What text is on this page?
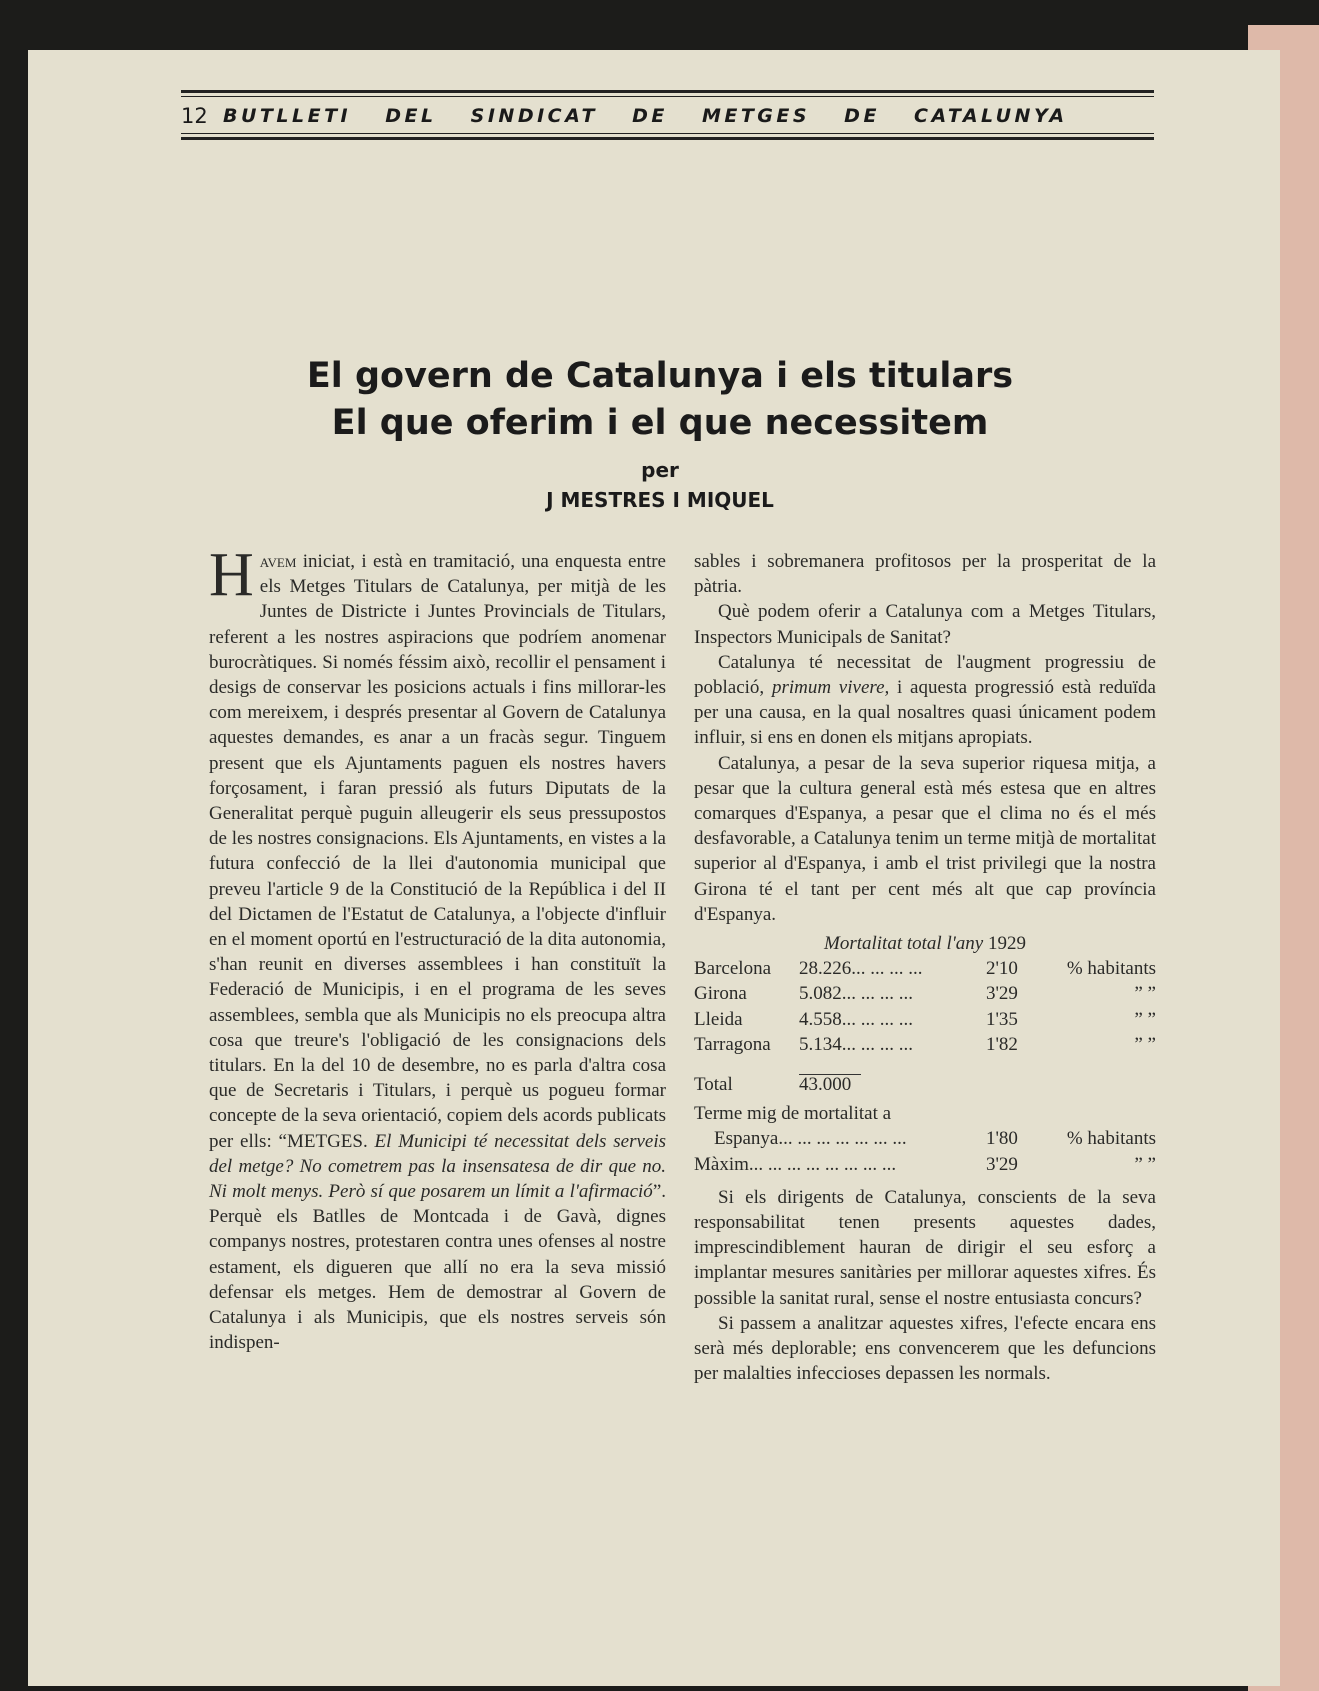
12 BUTLLETI DEL SINDICAT DE METGES DE CATALUNYA
El govern de Catalunya i els titulars
El que oferim i el que necessitem
per
J MESTRES I MIQUEL

Havem iniciat, i està en tramitació, una enquesta entre els Metges Titulars de Catalunya, per mitjà de les Juntes de Districte i Juntes Provincials de Titulars, referent a les nostres aspiracions que podríem anomenar burocràtiques. Si només féssim això, recollir el pensament i desigs de conservar les posicions actuals i fins millorar-les com mereixem, i després presentar al Govern de Catalunya aquestes demandes, es anar a un fracàs segur. Tinguem present que els Ajuntaments paguen els nostres havers forçosament, i faran pressió als futurs Diputats de la Generalitat perquè puguin alleugerir els seus pressupostos de les nostres consignacions. Els Ajuntaments, en vistes a la futura confecció de la llei d'autonomia municipal que preveu l'article 9 de la Constitució de la República i del II del Dictamen de l'Estatut de Catalunya, a l'objecte d'influir en el moment oportú en l'estructuració de la dita autonomia, s'han reunit en diverses assemblees i han constituït la Federació de Municipis, i en el programa de les seves assemblees, sembla que als Municipis no els preocupa altra cosa que treure's l'obligació de les consignacions dels titulars. En la del 10 de desembre, no es parla d'altra cosa que de Secretaris i Titulars, i perquè us pogueu formar concepte de la seva orientació, copiem dels acords publicats per ells: “METGES. El Municipi té necessitat dels serveis del metge? No cometrem pas la insensatesa de dir que no. Ni molt menys. Però sí que posarem un límit a l'afirmació”. Perquè els Batlles de Montcada i de Gavà, dignes companys nostres, protestaren contra unes ofenses al nostre estament, els digueren que allí no era la seva missió defensar els metges. Hem de demostrar al Govern de Catalunya i als Municipis, que els nostres serveis són indispen-

sables i sobremanera profitosos per la prosperitat de la pàtria.

Què podem oferir a Catalunya com a Metges Titulars, Inspectors Municipals de Sanitat?

Catalunya té necessitat de l'augment progressiu de població, primum vivere, i aquesta progressió està reduïda per una causa, en la qual nosaltres quasi únicament podem influir, si ens en donen els mitjans apropiats.

Catalunya, a pesar de la seva superior riquesa mitja, a pesar que la cultura general està més estesa que en altres comarques d'Espanya, a pesar que el clima no és el més desfavorable, a Catalunya tenim un terme mitjà de mortalitat superior al d'Espanya, i amb el trist privilegi que la nostra Girona té el tant per cent més alt que cap província d'Espanya.

Mortalitat total l'any 1929

Barcelona	28.226... ... ... ...	2'10	% habitants
Girona	5.082... ... ... ...	3'29	” ”
Lleida	4.558... ... ... ...	1'35	” ”
Tarragona	5.134... ... ... ...	1'82	” ”
Total	43.000
Terme mig de mortalitat a
Espanya... ... ... ... ... ... ...	1'80	% habitants
Màxim... ... ... ... ... ... ... ...	3'29	” ”

Si els dirigents de Catalunya, conscients de la seva responsabilitat tenen presents aquestes dades, imprescindiblement hauran de dirigir el seu esforç a implantar mesures sanitàries per millorar aquestes xifres. És possible la sanitat rural, sense el nostre entusiasta concurs?

Si passem a analitzar aquestes xifres, l'efecte encara ens serà més deplorable; ens convencerem que les defuncions per malalties infeccioses depassen les normals.
